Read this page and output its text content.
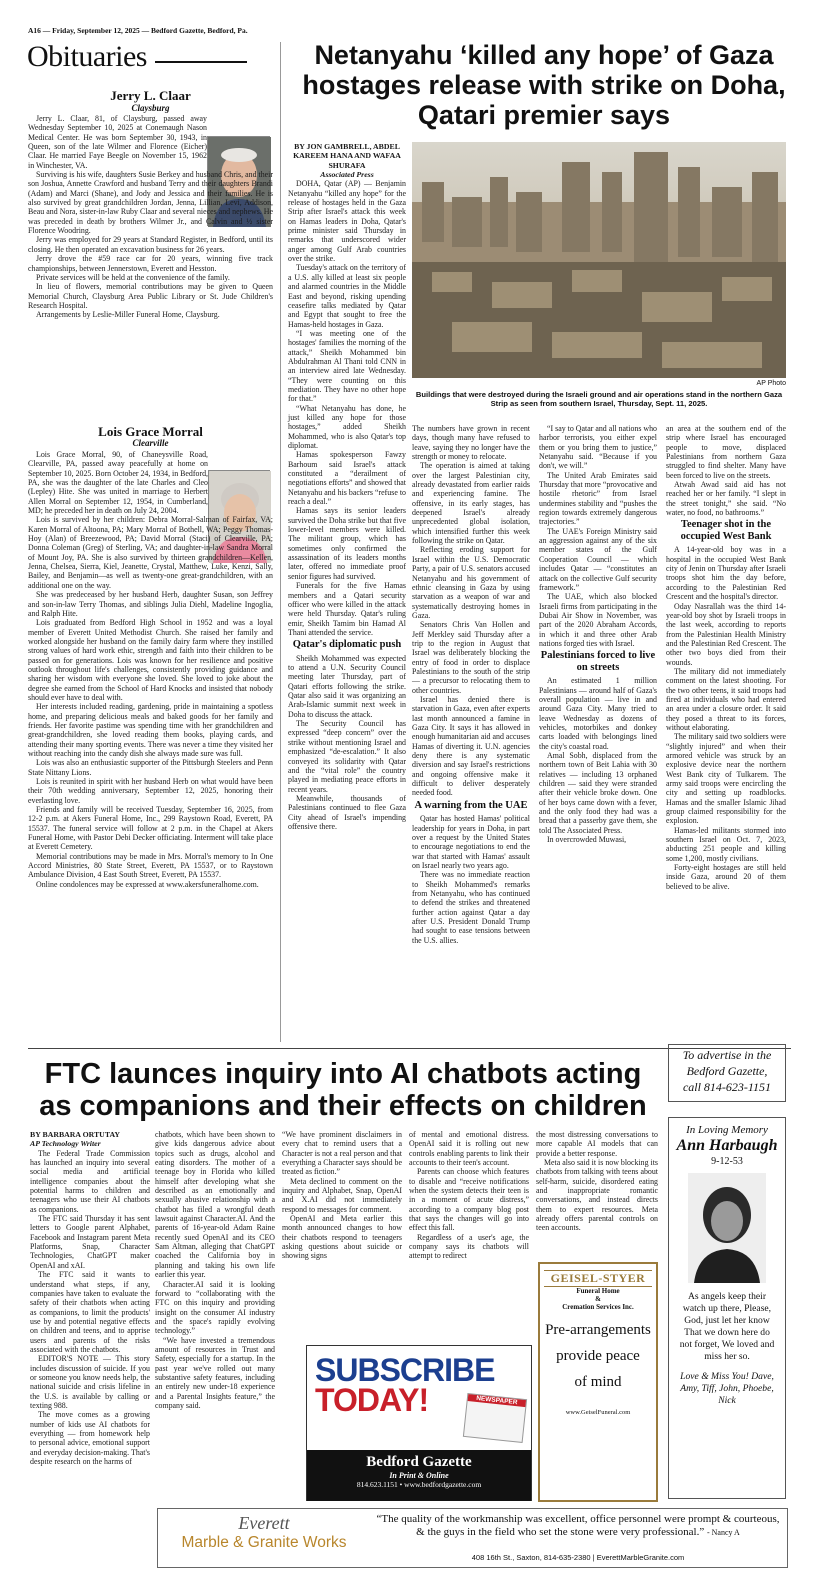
A16 — Friday, September 12, 2025 — Bedford Gazette, Bedford, Pa.
Obituaries
Jerry L. Claar
Claysburg

Jerry L. Claar, 81, of Claysburg, passed away Wednesday September 10, 2025 at Conemaugh Nason Medical Center. He was born September 30, 1943, in Queen, son of the late Wilmer and Florence (Eicher) Claar. He married Faye Beegle on November 15, 1962 in Winchester, VA.

Surviving is his wife, daughters Susie Berkey and husband Chris, and their son Joshua, Annette Crawford and husband Terry and their daughters Brandi (Adam) and Marci (Shane), and Jody and Jessica and their families. He is also survived by great grandchildren Jordan, Jenna, Lillian, Levi, Addison, Beau and Nora, sister-in-law Ruby Claar and several nieces and nephews. He was preceded in death by brothers Wilmer Jr., and Calvin and ½ sister Florence Woodring.

Jerry was employed for 29 years at Standard Register, in Bedford, until its closing. He then operated an excavation business for 26 years.

Jerry drove the #59 race car for 20 years, winning five track championships, between Jennerstown, Everett and Hesston.

Private services will be held at the convenience of the family.

In lieu of flowers, memorial contributions may be given to Queen Memorial Church, Claysburg Area Public Library or St. Jude Children's Research Hospital.

Arrangements by Leslie-Miller Funeral Home, Claysburg.

Lois Grace Morral
Clearville

Lois Grace Morral, 90, of Chaneysville Road, Clearville, PA, passed away peacefully at home on September 10, 2025. Born October 24, 1934, in Bedford, PA, she was the daughter of the late Charles and Cleo (Lepley) Hite. She was united in marriage to Herbert Allen Morral on September 12, 1954, in Cumberland, MD; he preceded her in death on July 24, 2004.

Lois is survived by her children: Debra Morral-Salman of Fairfax, VA; Karen Morral of Altoona, PA; Mary Morral of Bothell, WA; Peggy Thomas-Hoy (Alan) of Breezewood, PA; David Morral (Staci) of Clearville, PA; Donna Coleman (Greg) of Sterling, VA; and daughter-in-law Sandra Morral of Mount Joy, PA. She is also survived by thirteen grandchildren—Kellen, Jenna, Chelsea, Sierra, Kiel, Jeanette, Crystal, Matthew, Luke, Kenzi, Sally, Bailey, and Benjamin—as well as twenty-one great-grandchildren, with an additional one on the way.

She was predeceased by her husband Herb, daughter Susan, son Jeffrey and son-in-law Terry Thomas, and siblings Julia Diehl, Madeline Ingoglia, and Ralph Hite.

Lois graduated from Bedford High School in 1952 and was a loyal member of Everett United Methodist Church. She raised her family and worked alongside her husband on the family dairy farm where they instilled strong values of hard work ethic, strength and faith into their children to be passed on for generations. Lois was known for her resilience and positive outlook throughout life's challenges, consistently providing guidance and sharing her wisdom with everyone she loved. She loved to joke about the degree she earned from the School of Hard Knocks and insisted that nobody should ever have to deal with.

Her interests included reading, gardening, pride in maintaining a spotless home, and preparing delicious meals and baked goods for her family and friends. Her favorite pastime was spending time with her grandchildren and great-grandchildren, she loved reading them books, playing cards, and attending their many sporting events. There was never a time they visited her without reaching into the candy dish she always made sure was full.

Lois was also an enthusiastic supporter of the Pittsburgh Steelers and Penn State Nittany Lions.

Lois is reunited in spirit with her husband Herb on what would have been their 70th wedding anniversary, September 12, 2025, honoring their everlasting love.

Friends and family will be received Tuesday, September 16, 2025, from 12-2 p.m. at Akers Funeral Home, Inc., 299 Raystown Road, Everett, PA 15537. The funeral service will follow at 2 p.m. in the Chapel at Akers Funeral Home, with Pastor Debi Decker officiating. Interment will take place at Everett Cemetery.

Memorial contributions may be made in Mrs. Morral's memory to In One Accord Ministries, 80 State Street, Everett, PA 15537, or to Raystown Ambulance Division, 4 East South Street, Everett, PA 15537.

Online condolences may be expressed at www.akersfuneralhome.com.

Netanyahu ‘killed any hope’ of Gaza hostages release with strike on Doha, Qatari premier says

BY JON GAMBRELL, ABDEL KAREEM HANA AND WAFAA SHURAFA

Associated Press

DOHA, Qatar (AP) — Benjamin Netanyahu “killed any hope” for the release of hostages held in the Gaza Strip after Israel's attack this week on Hamas leaders in Doha, Qatar's prime minister said Thursday in remarks that underscored wider anger among Gulf Arab countries over the strike.

Tuesday's attack on the territory of a U.S. ally killed at least six people and alarmed countries in the Middle East and beyond, risking upending ceasefire talks mediated by Qatar and Egypt that sought to free the Hamas-held hostages in Gaza.

“I was meeting one of the hostages' families the morning of the attack,” Sheikh Mohammed bin Abdulrahman Al Thani told CNN in an interview aired late Wednesday. “They were counting on this mediation. They have no other hope for that.”

“What Netanyahu has done, he just killed any hope for those hostages,” added Sheikh Mohammed, who is also Qatar's top diplomat.

Hamas spokesperson Fawzy Barhoum said Israel's attack constituted a “derailment of negotiations efforts” and showed that Netanyahu and his backers “refuse to reach a deal.”

Hamas says its senior leaders survived the Doha strike but that five lower-level members were killed. The militant group, which has sometimes only confirmed the assassination of its leaders months later, offered no immediate proof senior figures had survived.

Funerals for the five Hamas members and a Qatari security officer who were killed in the attack were held Thursday. Qatar's ruling emir, Sheikh Tamim bin Hamad Al Thani attended the service.

Qatar's diplomatic push

Sheikh Mohammed was expected to attend a U.N. Security Council meeting later Thursday, part of Qatari efforts following the strike. Qatar also said it was organizing an Arab-Islamic summit next week in Doha to discuss the attack.

The Security Council has expressed “deep concern” over the strike without mentioning Israel and emphasized “de-escalation.” It also conveyed its solidarity with Qatar and the “vital role” the country played in mediating peace efforts in recent years.

Meanwhile, thousands of Palestinians continued to flee Gaza City ahead of Israel's impending offensive there.

AP Photo
Buildings that were destroyed during the Israeli ground and air operations stand in the northern Gaza Strip as seen from southern Israel, Thursday, Sept. 11, 2025.

The numbers have grown in recent days, though many have refused to leave, saying they no longer have the strength or money to relocate.

The operation is aimed at taking over the largest Palestinian city, already devastated from earlier raids and experiencing famine. The offensive, in its early stages, has deepened Israel's already unprecedented global isolation, which intensified further this week following the strike on Qatar.

Reflecting eroding support for Israel within the U.S. Democratic Party, a pair of U.S. senators accused Netanyahu and his government of ethnic cleansing in Gaza by using starvation as a weapon of war and systematically destroying homes in Gaza.

Senators Chris Van Hollen and Jeff Merkley said Thursday after a trip to the region in August that Israel was deliberately blocking the entry of food in order to displace Palestinians to the south of the strip — a precursor to relocating them to other countries.

Israel has denied there is starvation in Gaza, even after experts last month announced a famine in Gaza City. It says it has allowed in enough humanitarian aid and accuses Hamas of diverting it. U.N. agencies deny there is any systematic diversion and say Israel's restrictions and ongoing offensive make it difficult to deliver desperately needed food.

A warning from the UAE

Qatar has hosted Hamas' political leadership for years in Doha, in part over a request by the United States to encourage negotiations to end the war that started with Hamas' assault on Israel nearly two years ago.

There was no immediate reaction to Sheikh Mohammed's remarks from Netanyahu, who has continued to defend the strikes and threatened further action against Qatar a day after U.S. President Donald Trump had sought to ease tensions between the U.S. allies.

“I say to Qatar and all nations who harbor terrorists, you either expel them or you bring them to justice,” Netanyahu said. “Because if you don't, we will.”

The United Arab Emirates said Thursday that more “provocative and hostile rhetoric” from Israel undermines stability and “pushes the region towards extremely dangerous trajectories.”

The UAE's Foreign Ministry said an aggression against any of the six member states of the Gulf Cooperation Council — which includes Qatar — “constitutes an attack on the collective Gulf security framework.”

The UAE, which also blocked Israeli firms from participating in the Dubai Air Show in November, was part of the 2020 Abraham Accords, in which it and three other Arab nations forged ties with Israel.

Palestinians forced to live on streets

An estimated 1 million Palestinians — around half of Gaza's overall population — live in and around Gaza City. Many tried to leave Wednesday as dozens of vehicles, motorbikes and donkey carts loaded with belongings lined the city's coastal road.

Amal Sobh, displaced from the northern town of Beit Lahia with 30 relatives — including 13 orphaned children — said they were stranded after their vehicle broke down. One of her boys came down with a fever, and the only food they had was a bread that a passerby gave them, she told The Associated Press.

In overcrowded Muwasi,

an area at the southern end of the strip where Israel has encouraged people to move, displaced Palestinians from northern Gaza struggled to find shelter. Many have been forced to live on the streets.

Atwah Awad said aid has not reached her or her family. “I slept in the street tonight,” she said. “No water, no food, no bathrooms.”

Teenager shot in the occupied West Bank

A 14-year-old boy was in a hospital in the occupied West Bank city of Jenin on Thursday after Israeli troops shot him the day before, according to the Palestinian Red Crescent and the hospital's director.

Oday Nasrallah was the third 14-year-old boy shot by Israeli troops in the last week, according to reports from the Palestinian Health Ministry and the Palestinian Red Crescent. The other two boys died from their wounds.

The military did not immediately comment on the latest shooting. For the two other teens, it said troops had fired at individuals who had entered an area under a closure order. It said they posed a threat to its forces, without elaborating.

The military said two soldiers were “slightly injured” and when their armored vehicle was struck by an explosive device near the northern West Bank city of Tulkarem. The army said troops were encircling the city and setting up roadblocks. Hamas and the smaller Islamic Jihad group claimed responsibility for the explosion.

Hamas-led militants stormed into southern Israel on Oct. 7, 2023, abducting 251 people and killing some 1,200, mostly civilians.

Forty-eight hostages are still held inside Gaza, around 20 of them believed to be alive.

FTC launces inquiry into AI chatbots acting as companions and their effects on children

BY BARBARA ORTUTAY

AP Technology Writer

The Federal Trade Commission has launched an inquiry into several social media and artificial intelligence companies about the potential harms to children and teenagers who use their AI chatbots as companions.

The FTC said Thursday it has sent letters to Google parent Alphabet, Facebook and Instagram parent Meta Platforms, Snap, Character Technologies, ChatGPT maker OpenAI and xAI.

The FTC said it wants to understand what steps, if any, companies have taken to evaluate the safety of their chatbots when acting as companions, to limit the products' use by and potential negative effects on children and teens, and to apprise users and parents of the risks associated with the chatbots.

EDITOR'S NOTE — This story includes discussion of suicide. If you or someone you know needs help, the national suicide and crisis lifeline in the U.S. is available by calling or texting 988.

The move comes as a growing number of kids use AI chatbots for everything — from homework help to personal advice, emotional support and everyday decision-making. That's despite research on the harms of

chatbots, which have been shown to give kids dangerous advice about topics such as drugs, alcohol and eating disorders. The mother of a teenage boy in Florida who killed himself after developing what she described as an emotionally and sexually abusive relationship with a chatbot has filed a wrongful death lawsuit against Character.AI. And the parents of 16-year-old Adam Raine recently sued OpenAI and its CEO Sam Altman, alleging that ChatGPT coached the California boy in planning and taking his own life earlier this year.

Character.AI said it is looking forward to “collaborating with the FTC on this inquiry and providing insight on the consumer AI industry and the space's rapidly evolving technology.”

“We have invested a tremendous amount of resources in Trust and Safety, especially for a startup. In the past year we've rolled out many substantive safety features, including an entirely new under-18 experience and a Parental Insights feature,” the company said.

“We have prominent disclaimers in every chat to remind users that a Character is not a real person and that everything a Character says should be treated as fiction.”

Meta declined to comment on the inquiry and Alphabet, Snap, OpenAI and X.AI did not immediately respond to messages for comment.

OpenAI and Meta earlier this month announced changes to how their chatbots respond to teenagers asking questions about suicide or showing signs

of mental and emotional distress. OpenAI said it is rolling out new controls enabling parents to link their accounts to their teen's account.

Parents can choose which features to disable and “receive notifications when the system detects their teen is in a moment of acute distress,” according to a company blog post that says the changes will go into effect this fall.

Regardless of a user's age, the company says its chatbots will attempt to redirect

the most distressing conversations to more capable AI models that can provide a better response.

Meta also said it is now blocking its chatbots from talking with teens about self-harm, suicide, disordered eating and inappropriate romantic conversations, and instead directs them to expert resources. Meta already offers parental controls on teen accounts.

To advertise in the
Bedford Gazette,
call 814-623-1151
In Loving Memory
Ann Harbaugh
9-12-53
As angels keep their watch up there, Please, God, just let her know That we down here do not forget, We loved and miss her so.
Love & Miss You! Dave, Amy, Tiff, John, Phoebe, Nick
GEISEL-STYER
Funeral Home
&
Cremation Services Inc.
Pre-arrangements
provide peace
of mind
www.GeiselFuneral.com
SUBSCRIBE
TODAY!	NEWSPAPER
Bedford Gazette
In Print & Online
814.623.1151 • www.bedfordgazette.com
Everett
Marble & Granite Works
“The quality of the workmanship was excellent, office personnel were prompt & courteous, & the guys in the field who set the stone were very professional.” - Nancy A
408 16th St., Saxton, 814-635-2380 | EverettMarbleGranite.com
